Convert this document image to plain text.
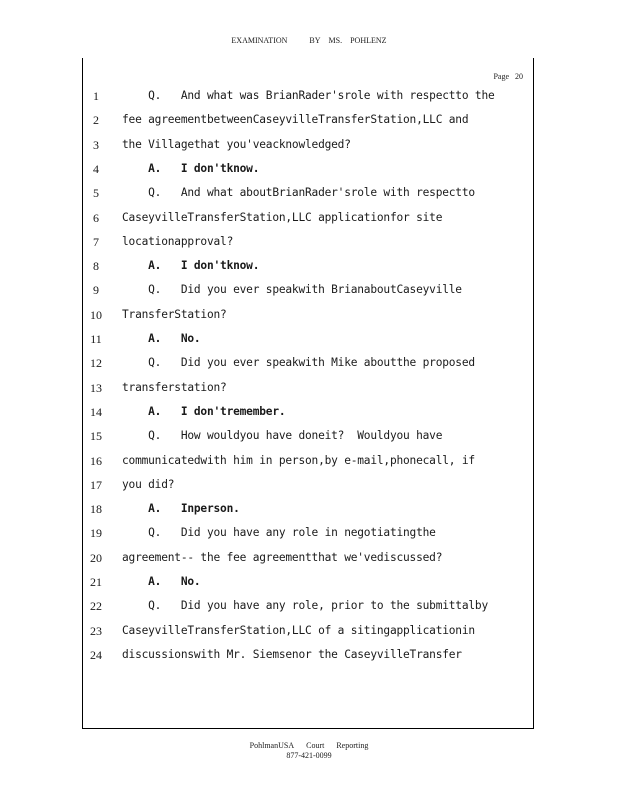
EXAMINATION	BY MS. POHLENZ
Page 20
1
2
3
4
5
6
7
8
9
10
11
12
13
14
15
16
17
18
19
20
21
22
23
24
Q.   And what was BrianRader'srole with respectto the
fee agreementbetweenCaseyvilleTransferStation,LLC and
the Villagethat you'veacknowledged?
A.   I don'tknow.
Q.   And what aboutBrianRader'srole with respectto
CaseyvilleTransferStation,LLC applicationfor site
locationapproval?
A.   I don'tknow.
Q.   Did you ever speakwith BrianaboutCaseyville
TransferStation?
A.   No.
Q.   Did you ever speakwith Mike aboutthe proposed
transferstation?
A.   I don'tremember.
Q.   How wouldyou have doneit?  Wouldyou have
communicatedwith him in person,by e-mail,phonecall, if
you did?
A.   Inperson.
Q.   Did you have any role in negotiatingthe
agreement-- the fee agreementthat we'vediscussed?
A.   No.
Q.   Did you have any role, prior to the submittalby
CaseyvilleTransferStation,LLC of a sitingapplicationin
discussionswith Mr. Siemsenor the CaseyvilleTransfer
PohlmanUSA Court Reporting
877-421-0099
